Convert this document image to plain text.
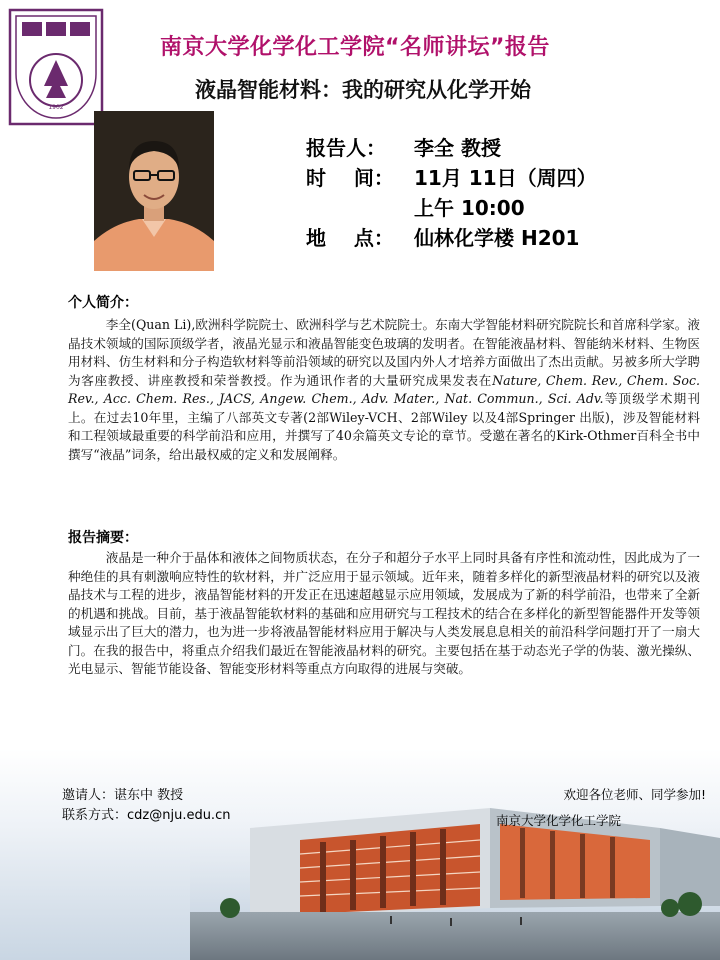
1902
南京大学化学化工学院“名师讲坛”报告
液晶智能材料：我的研究从化学开始
报告人：	李全 教授
时    间：	11月 11日（周四）
上午 10:00
地    点：	仙林化学楼 H201
个人简介：
李全(Quan Li),欧洲科学院院士、欧洲科学与艺术院院士。东南大学智能材料研究院院长和首席科学家。液晶技术领域的国际顶级学者，液晶光显示和液晶智能变色玻璃的发明者。在智能液晶材料、智能纳米材料、生物医用材料、仿生材料和分子构造软材料等前沿领域的研究以及国内外人才培养方面做出了杰出贡献。另被多所大学聘为客座教授、讲座教授和荣誉教授。作为通讯作者的大量研究成果发表在Nature, Chem. Rev., Chem. Soc. Rev., Acc. Chem. Res., JACS, Angew. Chem., Adv. Mater., Nat. Commun., Sci. Adv.等顶级学术期刊上。在过去10年里，主编了八部英文专著(2部Wiley-VCH、2部Wiley 以及4部Springer 出版)，涉及智能材料和工程领域最重要的科学前沿和应用，并撰写了40余篇英文专论的章节。受邀在著名的Kirk-Othmer百科全书中撰写“液晶”词条，给出最权威的定义和发展阐释。
报告摘要：
液晶是一种介于晶体和液体之间物质状态，在分子和超分子水平上同时具备有序性和流动性，因此成为了一种绝佳的具有刺激响应特性的软材料，并广泛应用于显示领域。近年来，随着多样化的新型液晶材料的研究以及液晶技术与工程的进步，液晶智能材料的开发正在迅速超越显示应用领域，发展成为了新的科学前沿，也带来了全新的机遇和挑战。目前，基于液晶智能软材料的基础和应用研究与工程技术的结合在多样化的新型智能器件开发等领域显示出了巨大的潜力，也为进一步将液晶智能材料应用于解决与人类发展息息相关的前沿科学问题打开了一扇大门。在我的报告中，将重点介绍我们最近在智能液晶材料的研究。主要包括在基于动态光子学的伪装、激光操纵、光电显示、智能节能设备、智能变形材料等重点方向取得的进展与突破。
邀请人：谌东中 教授
联系方式：cdz@nju.edu.cn
欢迎各位老师、同学参加!
南京大学化学化工学院
